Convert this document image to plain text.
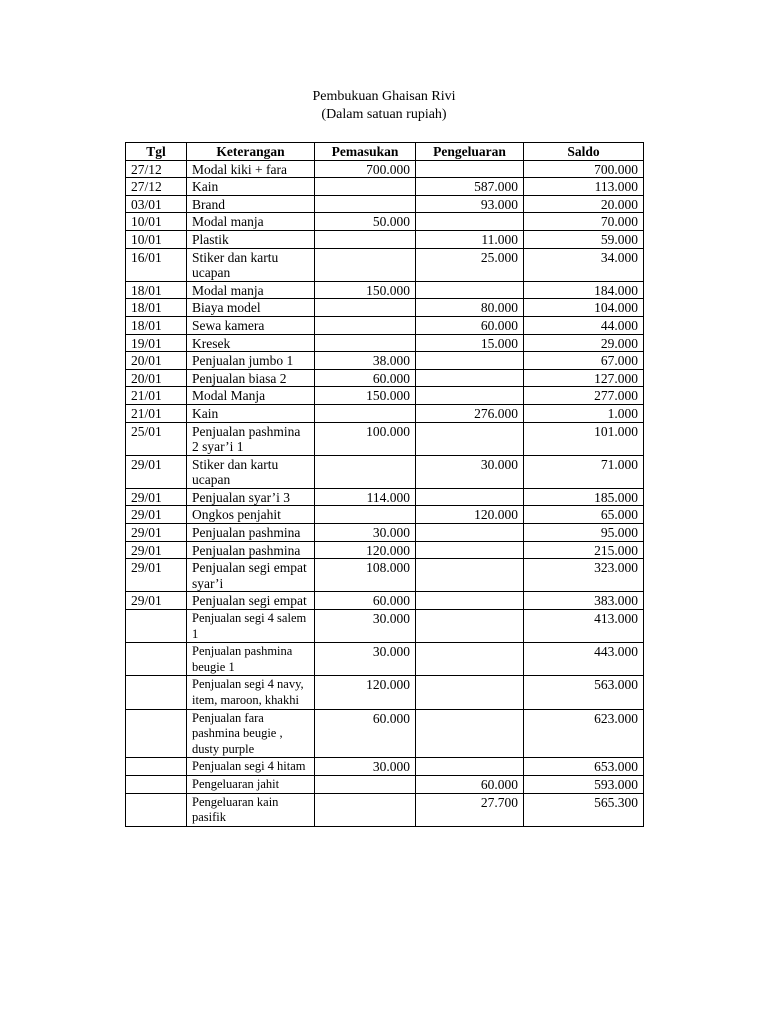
Pembukuan Ghaisan Rivi
(Dalam satuan rupiah)
Tgl	Keterangan	Pemasukan	Pengeluaran	Saldo
27/12	Modal kiki + fara	700.000		700.000
27/12	Kain		587.000	113.000
03/01	Brand		93.000	20.000
10/01	Modal manja	50.000		70.000
10/01	Plastik		11.000	59.000
16/01	Stiker dan kartu ucapan		25.000	34.000
18/01	Modal manja	150.000		184.000
18/01	Biaya model		80.000	104.000
18/01	Sewa kamera		60.000	44.000
19/01	Kresek		15.000	29.000
20/01	Penjualan jumbo 1	38.000		67.000
20/01	Penjualan biasa 2	60.000		127.000
21/01	Modal Manja	150.000		277.000
21/01	Kain		276.000	1.000
25/01	Penjualan pashmina 2 syar’i 1	100.000		101.000
29/01	Stiker dan kartu ucapan		30.000	71.000
29/01	Penjualan syar’i 3	114.000		185.000
29/01	Ongkos penjahit		120.000	65.000
29/01	Penjualan pashmina	30.000		95.000
29/01	Penjualan pashmina	120.000		215.000
29/01	Penjualan segi empat syar’i	108.000		323.000
29/01	Penjualan segi empat	60.000		383.000
	Penjualan segi 4 salem 1	30.000		413.000
	Penjualan pashmina beugie 1	30.000		443.000
	Penjualan segi 4 navy, item, maroon, khakhi	120.000		563.000
	Penjualan fara pashmina beugie , dusty purple	60.000		623.000
	Penjualan segi 4 hitam	30.000		653.000
	Pengeluaran jahit		60.000	593.000
	Pengeluaran kain pasifik		27.700	565.300
